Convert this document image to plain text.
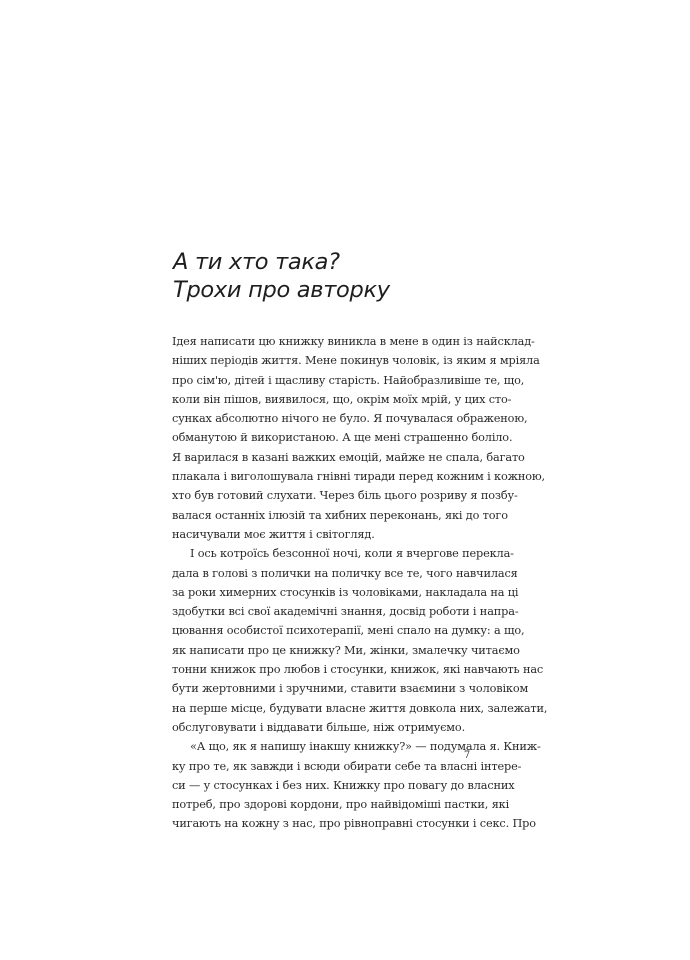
А ти хто така?
Трохи про авторку
Ідея написати цю книжку виникла в мене в один із найсклад-
ніших періодів життя. Мене покинув чоловік, із яким я мріяла
про сім'ю, дітей і щасливу старість. Найобразливіше те, що,
коли він пішов, виявилося, що, окрім моїх мрій, у цих сто-
сунках абсолютно нічого не було. Я почувалася ображеною,
обманутою й використаною. А ще мені страшенно боліло.
Я варилася в казані важких емоцій, майже не спала, багато
плакала і виголошувала гнівні тиради перед кожним і кожною,
хто був готовий слухати. Через біль цього розриву я позбу-
валася останніх ілюзій та хибних переконань, які до того
насичували моє життя і світогляд.
І ось котроїсь безсонної ночі, коли я вчергове перекла-
дала в голові з полички на поличку все те, чого навчилася
за роки химерних стосунків із чоловіками, накладала на ці
здобутки всі свої академічні знання, досвід роботи і напра-
цювання особистої психотерапії, мені спало на думку: а що,
як написати про це книжку? Ми, жінки, змалечку читаємо
тонни книжок про любов і стосунки, книжок, які навчають нас
бути жертовними і зручними, ставити взаємини з чоловіком
на перше місце, будувати власне життя довкола них, залежати,
обслуговувати і віддавати більше, ніж отримуємо.
«А що, як я напишу інакшу книжку?» — подумала я. Книж-
ку про те, як завжди і всюди обирати себе та власні інтере-
си — у стосунках і без них. Книжку про повагу до власних
потреб, про здорові кордони, про найвідоміші пастки, які
чигають на кожну з нас, про рівноправні стосунки і секс. Про
7
